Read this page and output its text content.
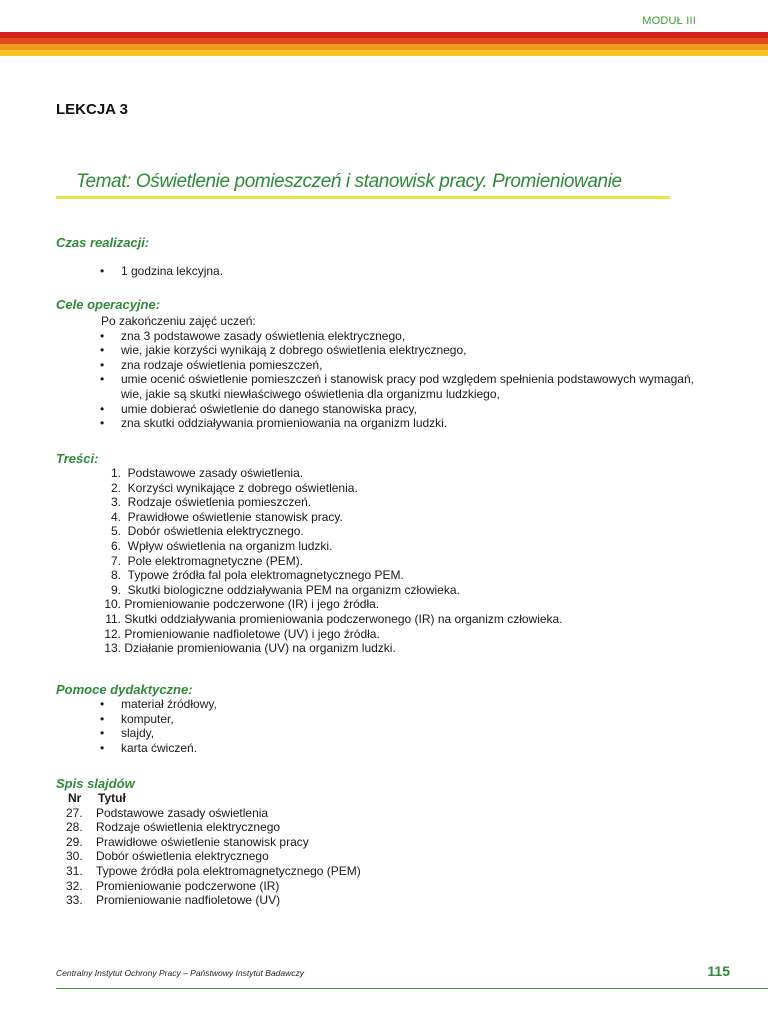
MODUŁ III
LEKCJA 3
Temat: Oświetlenie pomieszczeń i stanowisk pracy. Promieniowanie
Czas realizacji:
• 1 godzina lekcyjna.
Cele operacyjne:
Po zakończeniu zajęć uczeń:
• zna 3 podstawowe zasady oświetlenia elektrycznego,
• wie, jakie korzyści wynikają z dobrego oświetlenia elektrycznego,
• zna rodzaje oświetlenia pomieszczeń,
• umie ocenić oświetlenie pomieszczeń i stanowisk pracy pod względem spełnienia podstawowych wymagań, wie, jakie są skutki niewłaściwego oświetlenia dla organizmu ludzkiego,
• umie dobierać oświetlenie do danego stanowiska pracy,
• zna skutki oddziaływania promieniowania na organizm ludzki.
Treści:
1.
Podstawowe zasady oświetlenia.
2.
Korzyści wynikające z dobrego oświetlenia.
3.
Rodzaje oświetlenia pomieszczeń.
4.
Prawidłowe oświetlenie stanowisk pracy.
5.
Dobór oświetlenia elektrycznego.
6.
Wpływ oświetlenia na organizm ludzki.
7.
Pole elektromagnetyczne (PEM).
8.
Typowe źródła fal pola elektromagnetycznego PEM.
9.
Skutki biologiczne oddziaływania PEM na organizm człowieka.
10.
Promieniowanie podczerwone (IR) i jego źródła.
11.
Skutki oddziaływania promieniowania podczerwonego (IR) na organizm człowieka.
12.
Promieniowanie nadfioletowe (UV) i jego źródła.
13.
Działanie promieniowania (UV) na organizm ludzki.
Pomoce dydaktyczne:
• materiał źródłowy,
• komputer,
• slajdy,
• karta ćwiczeń.
Spis slajdów
Nr	Tytuł
27.	Podstawowe zasady oświetlenia
28.	Rodzaje oświetlenia elektrycznego
29.	Prawidłowe oświetlenie stanowisk pracy
30.	Dobór oświetlenia elektrycznego
31.	Typowe źródła pola elektromagnetycznego (PEM)
32.	Promieniowanie podczerwone (IR)
33.	Promieniowanie nadfioletowe (UV)
Centralny Instytut Ochrony Pracy – Państwowy Instytut Badawczy	115
